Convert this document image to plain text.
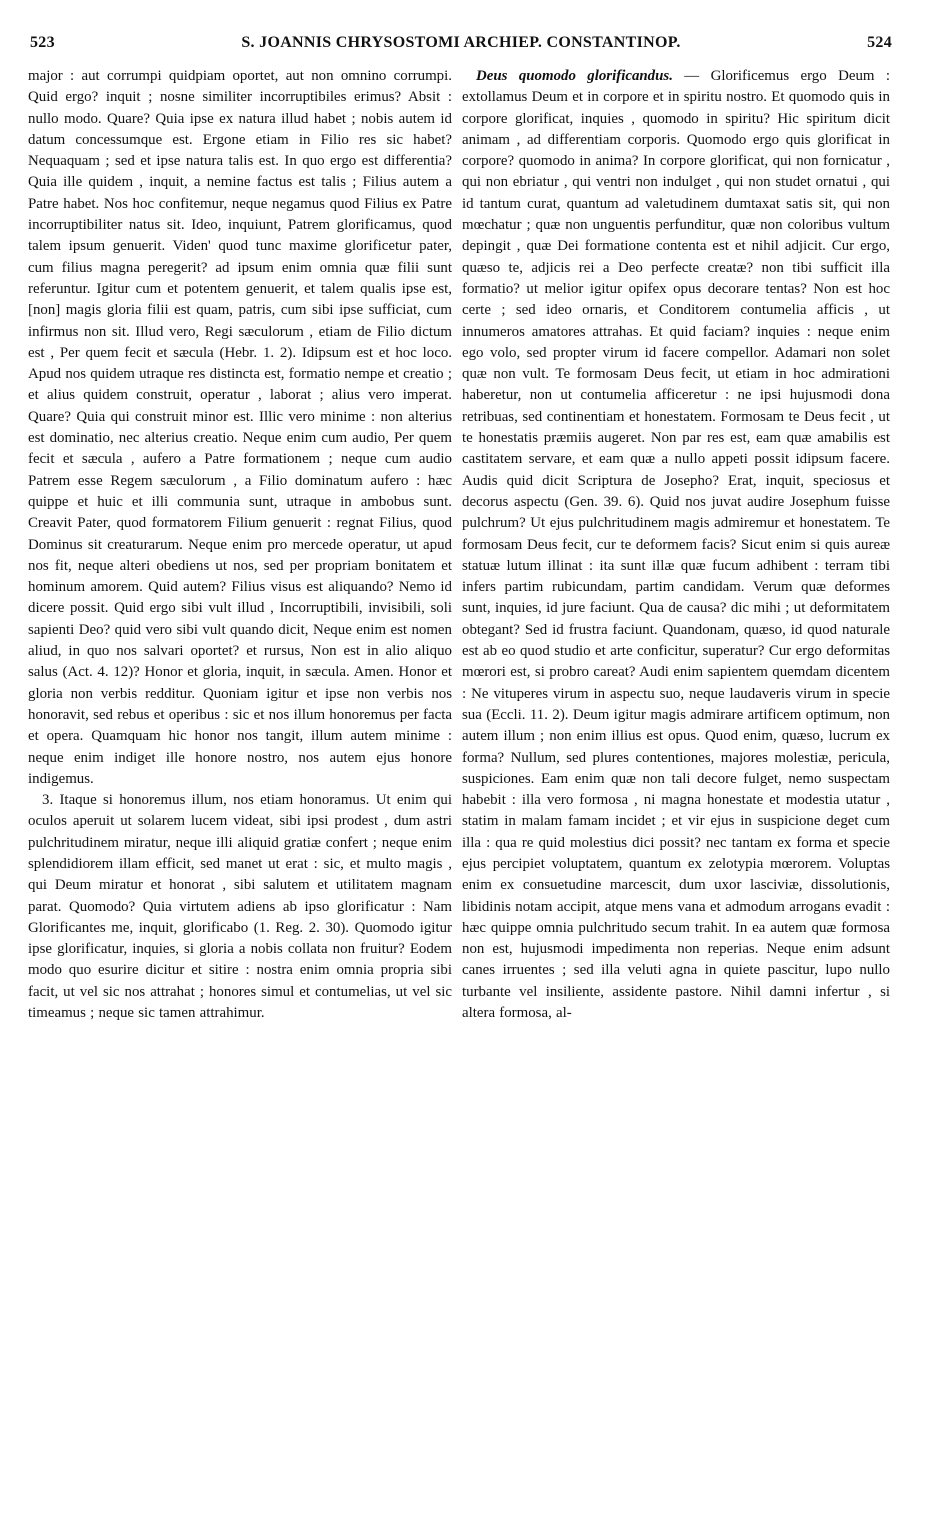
523	S. JOANNIS CHRYSOSTOMI ARCHIEP. CONSTANTINOP.	524

major : aut corrumpi quidpiam oportet, aut non omnino corrumpi. Quid ergo? inquit ; nosne similiter incorruptibiles erimus? Absit : nullo modo. Quare? Quia ipse ex natura illud habet ; nobis autem id datum concessumque est. Ergone etiam in Filio res sic habet? Nequaquam ; sed et ipse natura talis est. In quo ergo est differentia? Quia ille quidem , inquit, a nemine factus est talis ; Filius autem a Patre habet. Nos hoc confitemur, neque negamus quod Filius ex Patre incorruptibiliter natus sit. Ideo, inquiunt, Patrem glorificamus, quod talem ipsum genuerit. Viden' quod tunc maxime glorificetur pater, cum filius magna peregerit? ad ipsum enim omnia quæ filii sunt referuntur. Igitur cum et potentem genuerit, et talem qualis ipse est, [non] magis gloria filii est quam, patris, cum sibi ipse sufficiat, cum infirmus non sit. Illud vero, Regi sæculorum , etiam de Filio dictum est , Per quem fecit et sæcula (Hebr. 1. 2). Idipsum est et hoc loco. Apud nos quidem utraque res distincta est, formatio nempe et creatio ; et alius quidem construit, operatur , laborat ; alius vero imperat. Quare? Quia qui construit minor est. Illic vero minime : non alterius est dominatio, nec alterius creatio. Neque enim cum audio, Per quem fecit et sæcula , aufero a Patre formationem ; neque cum audio Patrem esse Regem sæculorum , a Filio dominatum aufero : hæc quippe et huic et illi communia sunt, utraque in ambobus sunt. Creavit Pater, quod formatorem Filium genuerit : regnat Filius, quod Dominus sit creaturarum. Neque enim pro mercede operatur, ut apud nos fit, neque alteri obediens ut nos, sed per propriam bonitatem et hominum amorem. Quid autem? Filius visus est aliquando? Nemo id dicere possit. Quid ergo sibi vult illud , Incorruptibili, invisibili, soli sapienti Deo? quid vero sibi vult quando dicit, Neque enim est nomen aliud, in quo nos salvari oportet? et rursus, Non est in alio aliquo salus (Act. 4. 12)? Honor et gloria, inquit, in sæcula. Amen. Honor et gloria non verbis redditur. Quoniam igitur et ipse non verbis nos honoravit, sed rebus et operibus : sic et nos illum honoremus per facta et opera. Quamquam hic honor nos tangit, illum autem minime : neque enim indiget ille honore nostro, nos autem ejus honore indigemus.

3. Itaque si honoremus illum, nos etiam honoramus. Ut enim qui oculos aperuit ut solarem lucem videat, sibi ipsi prodest , dum astri pulchritudinem miratur, neque illi aliquid gratiæ confert ; neque enim splendidiorem illam efficit, sed manet ut erat : sic, et multo magis , qui Deum miratur et honorat , sibi salutem et utilitatem magnam parat. Quomodo? Quia virtutem adiens ab ipso glorificatur : Nam Glorificantes me, inquit, glorificabo (1. Reg. 2. 30). Quomodo igitur ipse glorificatur, inquies, si gloria a nobis collata non fruitur? Eodem modo quo esurire dicitur et sitire : nostra enim omnia propria sibi facit, ut vel sic nos attrahat ; honores simul et contumelias, ut vel sic timeamus ; neque sic tamen attrahimur.

Deus quomodo glorificandus. — Glorificemus ergo Deum : extollamus Deum et in corpore et in spiritu nostro. Et quomodo quis in corpore glorificat, inquies , quomodo in spiritu? Hic spiritum dicit animam , ad differentiam corporis. Quomodo ergo quis glorificat in corpore? quomodo in anima? In corpore glorificat, qui non fornicatur , qui non ebriatur , qui ventri non indulget , qui non studet ornatui , qui id tantum curat, quantum ad valetudinem dumtaxat satis sit, qui non mœchatur ; quæ non unguentis perfunditur, quæ non coloribus vultum depingit , quæ Dei formatione contenta est et nihil adjicit. Cur ergo, quæso te, adjicis rei a Deo perfecte creatæ? non tibi sufficit illa formatio? ut melior igitur opifex opus decorare tentas? Non est hoc certe ; sed ideo ornaris, et Conditorem contumelia afficis , ut innumeros amatores attrahas. Et quid faciam? inquies : neque enim ego volo, sed propter virum id facere compellor. Adamari non solet quæ non vult. Te formosam Deus fecit, ut etiam in hoc admirationi haberetur, non ut contumelia afficeretur : ne ipsi hujusmodi dona retribuas, sed continentiam et honestatem. Formosam te Deus fecit , ut te honestatis præmiis augeret. Non par res est, eam quæ amabilis est castitatem servare, et eam quæ a nullo appeti possit idipsum facere. Audis quid dicit Scriptura de Josepho? Erat, inquit, speciosus et decorus aspectu (Gen. 39. 6). Quid nos juvat audire Josephum fuisse pulchrum? Ut ejus pulchritudinem magis admiremur et honestatem. Te formosam Deus fecit, cur te deformem facis? Sicut enim si quis aureæ statuæ lutum illinat : ita sunt illæ quæ fucum adhibent : terram tibi infers partim rubicundam, partim candidam. Verum quæ deformes sunt, inquies, id jure faciunt. Qua de causa? dic mihi ; ut deformitatem obtegant? Sed id frustra faciunt. Quandonam, quæso, id quod naturale est ab eo quod studio et arte conficitur, superatur? Cur ergo deformitas mœrori est, si probro careat? Audi enim sapientem quemdam dicentem : Ne vituperes virum in aspectu suo, neque laudaveris virum in specie sua (Eccli. 11. 2). Deum igitur magis admirare artificem optimum, non autem illum ; non enim illius est opus. Quod enim, quæso, lucrum ex forma? Nullum, sed plures contentiones, majores molestiæ, pericula, suspiciones. Eam enim quæ non tali decore fulget, nemo suspectam habebit : illa vero formosa , ni magna honestate et modestia utatur , statim in malam famam incidet ; et vir ejus in suspicione deget cum illa : qua re quid molestius dici possit? nec tantam ex forma et specie ejus percipiet voluptatem, quantum ex zelotypia mœrorem. Voluptas enim ex consuetudine marcescit, dum uxor lasciviæ, dissolutionis, libidinis notam accipit, atque mens vana et admodum arrogans evadit : hæc quippe omnia pulchritudo secum trahit. In ea autem quæ formosa non est, hujusmodi impedimenta non reperias. Neque enim adsunt canes irruentes ; sed illa veluti agna in quiete pascitur, lupo nullo turbante vel insiliente, assidente pastore. Nihil damni infertur , si altera formosa, al-
